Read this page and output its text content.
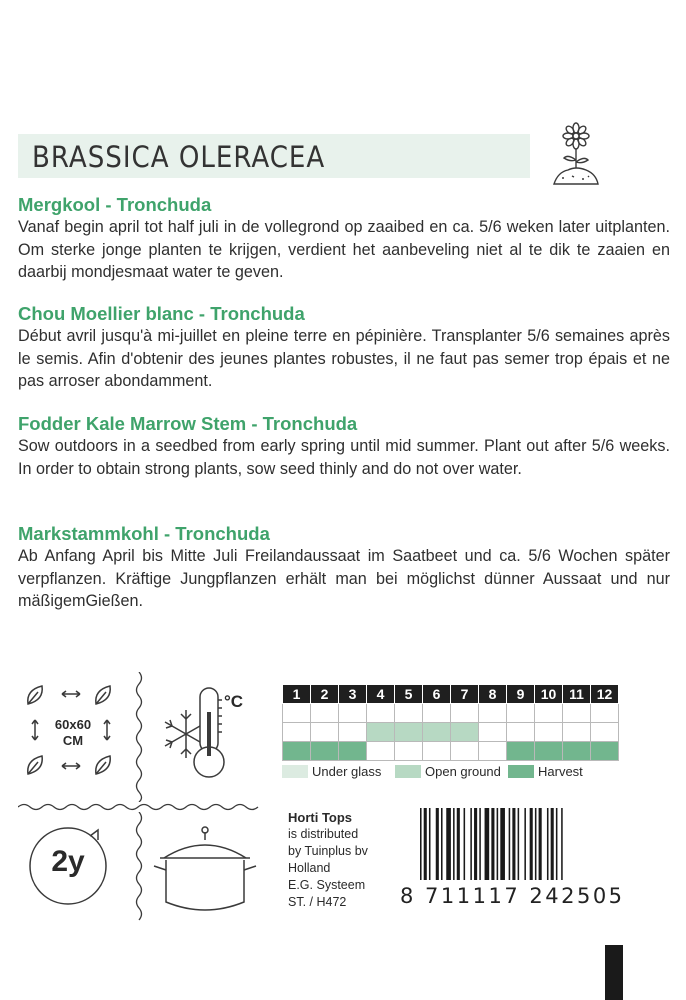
BRASSICA OLERACEA
Mergkool - Tronchuda

Vanaf begin april tot half juli in de vollegrond op zaaibed en ca. 5/6 weken later uitplanten. Om sterke jonge planten te krijgen, verdient het aanbeveling niet al te dik te zaaien en daarbij mondjesmaat water te geven.

Chou Moellier blanc - Tronchuda

Début avril jusqu'à mi-juillet en pleine terre en pépinière. Transplanter 5/6 semaines après le semis. Afin d'obtenir des jeunes plantes robustes, il ne faut pas semer trop épais et ne pas arroser abondamment.

Fodder Kale Marrow Stem - Tronchuda

Sow outdoors in a seedbed from early spring until mid summer. Plant out after 5/6 weeks. In order to obtain strong plants, sow seed thinly and do not over water.

Markstammkohl - Tronchuda

Ab Anfang April bis Mitte Juli Freilandaussaat im Saatbeet und ca. 5/6 Wochen später verpflanzen. Kräftige Jungpflanzen erhält man bei möglichst dünner Aussaat und nur mäßigemGießen.

60x60
CM
°C
2y
1	2	3	4	5	6	7	8	9	10	11	12

Under glass	Open ground	Harvest
Horti Tops
is distributed
by Tuinplus bv
Holland
E.G. Systeem
ST. / H472	8 711117 242505
